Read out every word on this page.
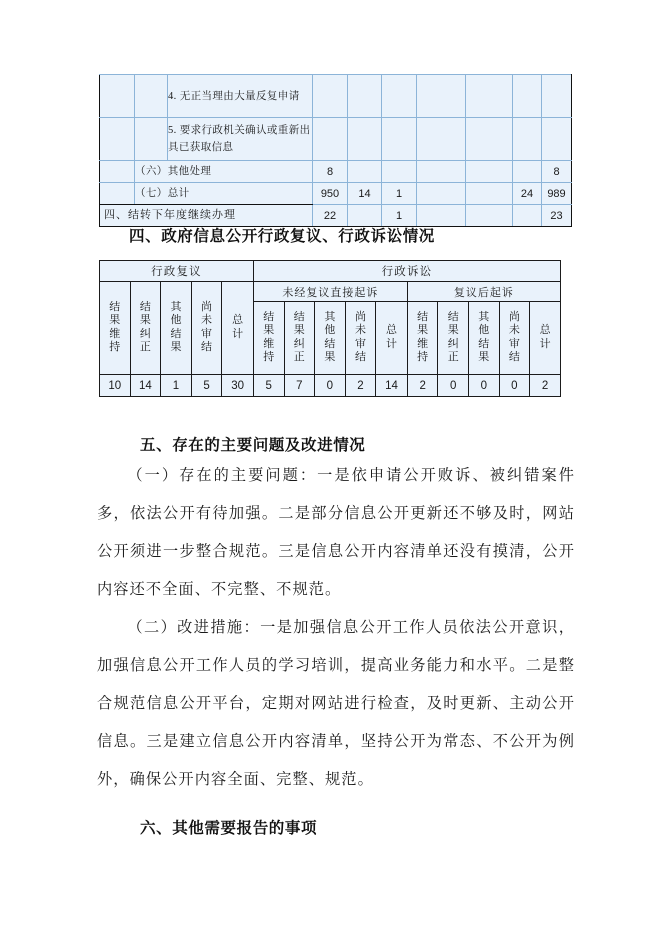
		4. 无正当理由大量反复申请							
		5. 要求行政机关确认或重新出具已获取信息							
	（六）其他处理		8						8
	（七）总计		950	14	1			24	989
四、结转下年度继续办理			22		1				23
四、政府信息公开行政复议、行政诉讼情况
行政复议					行政诉讼									
结果维持	结果纠正	其他结果	尚未审结	总计	未经复议直接起诉					复议后起诉				
					结果维持	结果纠正	其他结果	尚未审结	总计	结果维持	结果纠正	其他结果	尚未审结	总计
10	14	1	5	30	5	7	0	2	14	2	0	0	0	2
五、存在的主要问题及改进情况
（一）存在的主要问题：一是依申请公开败诉、被纠错案件多，依法公开有待加强。二是部分信息公开更新还不够及时，网站公开须进一步整合规范。三是信息公开内容清单还没有摸清，公开内容还不全面、不完整、不规范。
（二）改进措施：一是加强信息公开工作人员依法公开意识，加强信息公开工作人员的学习培训，提高业务能力和水平。二是整合规范信息公开平台，定期对网站进行检查，及时更新、主动公开信息。三是建立信息公开内容清单，坚持公开为常态、不公开为例外，确保公开内容全面、完整、规范。
六、其他需要报告的事项
